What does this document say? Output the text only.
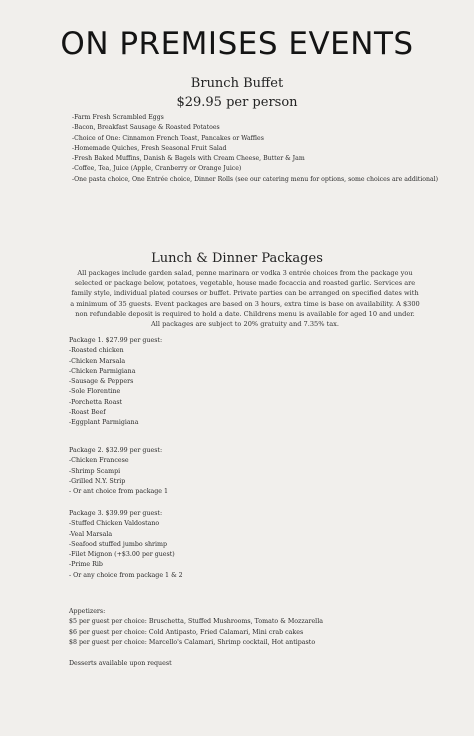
ON PREMISES EVENTS
Brunch Buffet
$29.95 per person
-Farm Fresh Scrambled Eggs
-Bacon, Breakfast Sausage & Roasted Potatoes
-Choice of One: Cinnamon French Toast, Pancakes or Waffles
-Homemade Quiches, Fresh Seasonal Fruit Salad
-Fresh Baked Muffins, Danish & Bagels with Cream Cheese, Butter & Jam
-Coffee, Tea, Juice (Apple, Cranberry or Orange Juice)
-One pasta choice, One Entrée choice, Dinner Rolls (see our catering menu for options, some choices are additional)
Lunch & Dinner Packages
All packages include garden salad, penne marinara or vodka 3 entrée choices from the package you selected or package below, potatoes, vegetable, house made focaccia and roasted garlic. Services are family style, individual plated courses or buffet. Private parties can be arranged on specified dates with a minimum of 35 guests. Event packages are based on 3 hours, extra time is base on availability. A $300 non refundable deposit is required to hold a date. Childrens menu is available for aged 10 and under. All packages are subject to 20% gratuity and 7.35% tax.
Package 1. $27.99 per guest:
-Roasted chicken
-Chicken Marsala
-Chicken Parmigiana
-Sausage & Peppers
-Sole Florentine
-Porchetta Roast
-Roast Beef
-Eggplant Parmigiana
Package 2. $32.99 per guest:
-Chicken Francese
-Shrimp Scampi
-Grilled N.Y. Strip
- Or ant choice from package 1
Package 3. $39.99 per guest:
-Stuffed Chicken Valdostano
-Veal Marsala
-Seafood stuffed jumbo shrimp
-Filet Mignon (+$3.00 per guest)
-Prime Rib
- Or any choice from package 1 & 2
Appetizers:
$5 per guest per choice: Bruschetta, Stuffed Mushrooms, Tomato & Mozzarella
$6 per guest per choice: Cold Antipasto, Fried Calamari, Mini crab cakes
$8 per guest per choice: Marcello's Calamari, Shrimp cocktail, Hot antipasto
Desserts available upon request
